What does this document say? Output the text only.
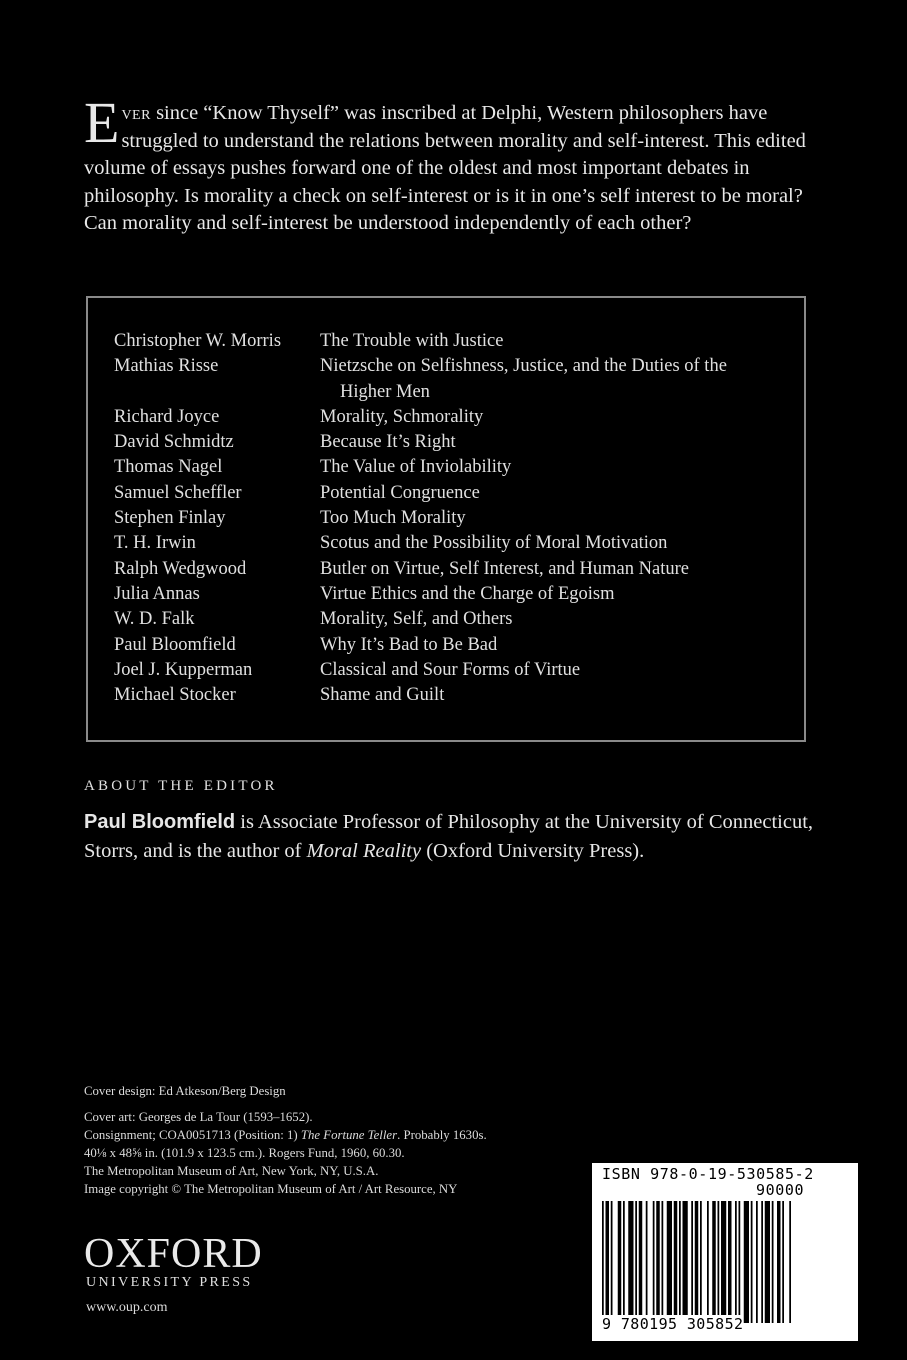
Ever since “Know Thyself” was inscribed at Delphi, Western philosophers have struggled to understand the relations between morality and self-interest. This edited volume of essays pushes forward one of the oldest and most important debates in philosophy. Is morality a check on self-interest or is it in one’s self interest to be moral? Can morality and self-interest be understood independently of each other?
Christopher W. Morris	The Trouble with Justice
Mathias Risse	Nietzsche on Selfishness, Justice, and the Duties of the
Higher Men
Richard Joyce	Morality, Schmorality
David Schmidtz	Because It’s Right
Thomas Nagel	The Value of Inviolability
Samuel Scheffler	Potential Congruence
Stephen Finlay	Too Much Morality
T. H. Irwin	Scotus and the Possibility of Moral Motivation
Ralph Wedgwood	Butler on Virtue, Self Interest, and Human Nature
Julia Annas	Virtue Ethics and the Charge of Egoism
W. D. Falk	Morality, Self, and Others
Paul Bloomfield	Why It’s Bad to Be Bad
Joel J. Kupperman	Classical and Sour Forms of Virtue
Michael Stocker	Shame and Guilt
ABOUT THE EDITOR
Paul Bloomfield is Associate Professor of Philosophy at the University of Connecticut, Storrs, and is the author of Moral Reality (Oxford University Press).

Cover design: Ed Atkeson/Berg Design

Cover art: Georges de La Tour (1593–1652).

Consignment; COA0051713 (Position: 1) The Fortune Teller. Probably 1630s.

40⅛ x 48⅝ in. (101.9 x 123.5 cm.). Rogers Fund, 1960, 60.30.

The Metropolitan Museum of Art, New York, NY, U.S.A.

Image copyright © The Metropolitan Museum of Art / Art Resource, NY

OXFORD
UNIVERSITY PRESS
www.oup.com
ISBN 978-0-19-530585-2
90000
9 780195 305852
